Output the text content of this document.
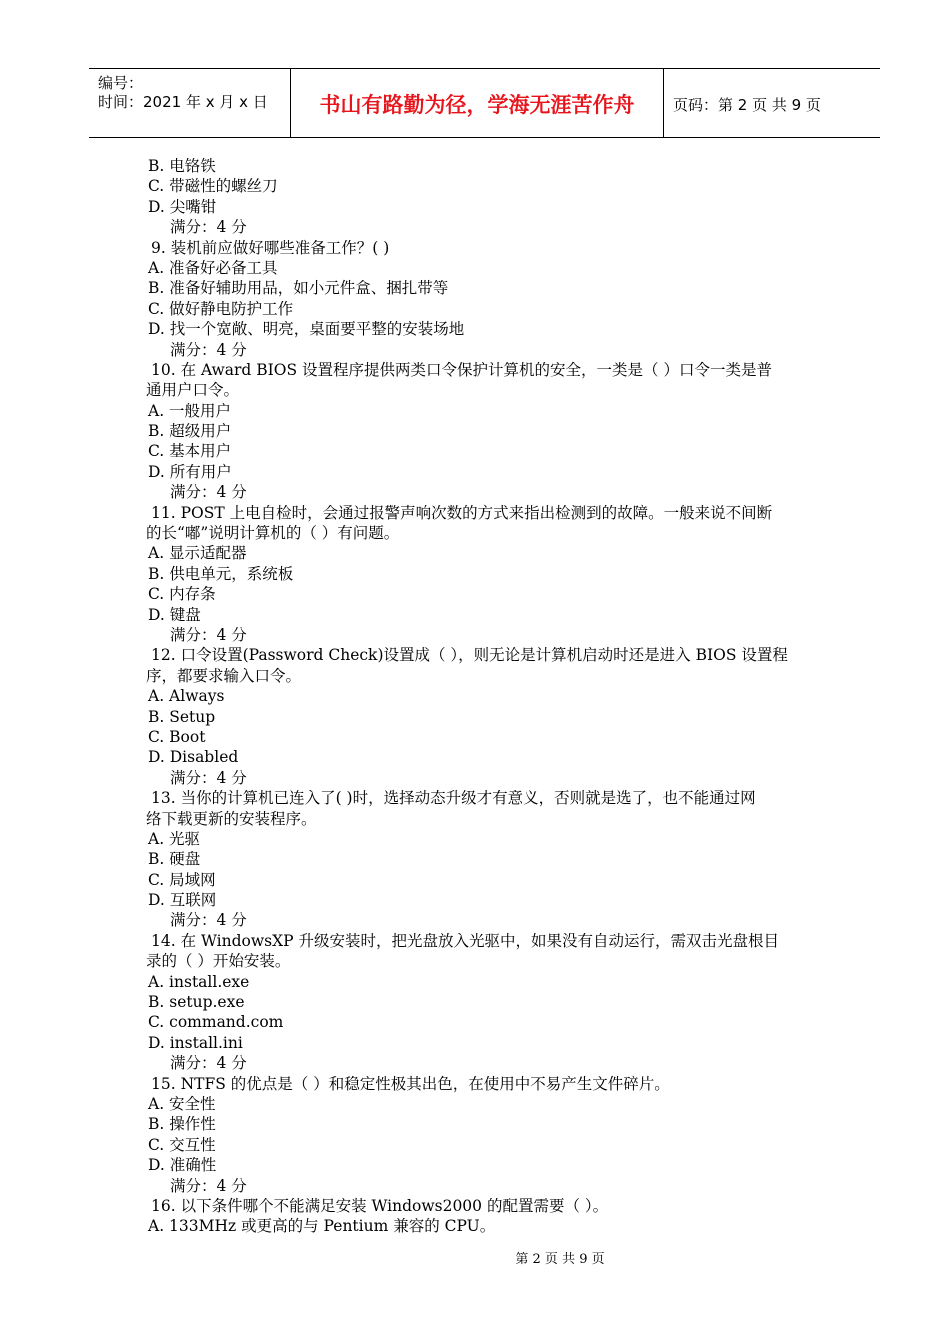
编号：
时间：2021 年 x 月 x 日	书山有路勤为径，学海无涯苦作舟	页码：第 2 页 共 9 页
B. 电铬铁
C. 带磁性的螺丝刀
D. 尖嘴钳
满分：4 分
9. 装机前应做好哪些准备工作？( )
A. 准备好必备工具
B. 准备好辅助用品，如小元件盒、捆扎带等
C. 做好静电防护工作
D. 找一个宽敞、明亮，桌面要平整的安装场地
满分：4 分
10. 在 Award BIOS 设置程序提供两类口令保护计算机的安全，一类是（ ）口令一类是普
通用户口令。
A. 一般用户
B. 超级用户
C. 基本用户
D. 所有用户
满分：4 分
11. POST 上电自检时，会通过报警声响次数的方式来指出检测到的故障。一般来说不间断
的长“嘟”说明计算机的（ ）有问题。
A. 显示适配器
B. 供电单元，系统板
C. 内存条
D. 键盘
满分：4 分
12. 口令设置(Password Check)设置成（ ），则无论是计算机启动时还是进入 BIOS 设置程
序，都要求输入口令。
A. Always
B. Setup
C. Boot
D. Disabled
满分：4 分
13. 当你的计算机已连入了( )时，选择动态升级才有意义，否则就是选了，也不能通过网
络下载更新的安装程序。
A. 光驱
B. 硬盘
C. 局域网
D. 互联网
满分：4 分
14. 在 WindowsXP 升级安装时，把光盘放入光驱中，如果没有自动运行，需双击光盘根目
录的（ ）开始安装。
A. install.exe
B. setup.exe
C. command.com
D. install.ini
满分：4 分
15. NTFS 的优点是（ ）和稳定性极其出色，在使用中不易产生文件碎片。
A. 安全性
B. 操作性
C. 交互性
D. 准确性
满分：4 分
16. 以下条件哪个不能满足安装 Windows2000 的配置需要（ ）。
A. 133MHz 或更高的与 Pentium 兼容的 CPU。
第 2 页 共 9 页
